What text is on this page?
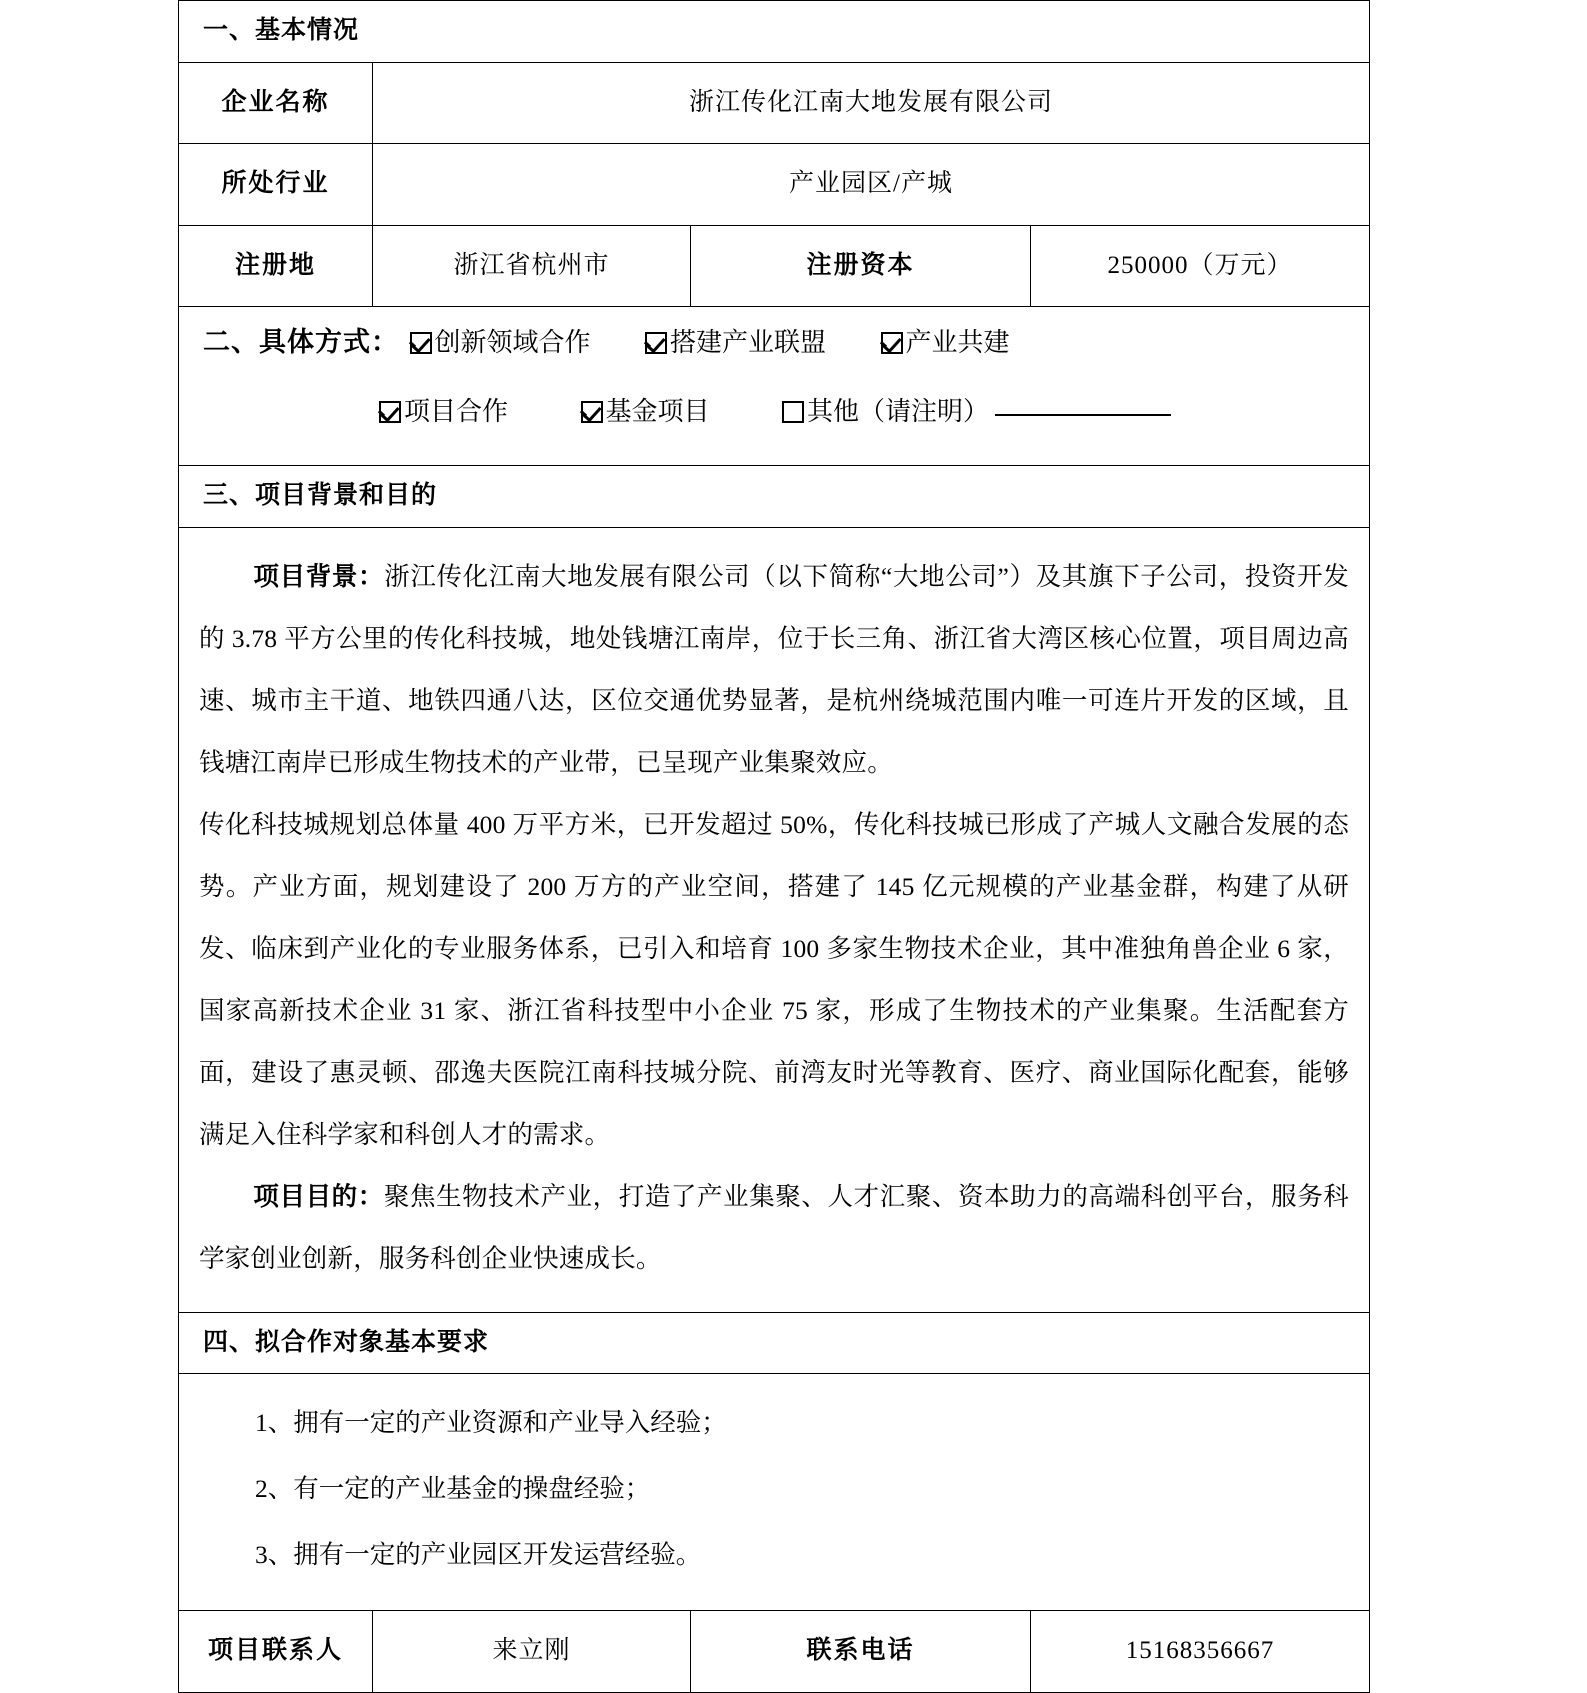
一、基本情况			
企业名称	浙江传化江南大地发展有限公司		
所处行业	产业园区/产城		
注册地	浙江省杭州市	注册资本	250000（万元）

二、具体方式： 创新领域合作 搭建产业联盟 产业共建
项目合作 基金项目 其他（请注明）			

三、项目背景和目的			

项目背景：浙江传化江南大地发展有限公司（以下简称“大地公司”）及其旗下子公司，投资开发的 3.78 平方公里的传化科技城，地处钱塘江南岸，位于长三角、浙江省大湾区核心位置，项目周边高速、城市主干道、地铁四通八达，区位交通优势显著，是杭州绕城范围内唯一可连片开发的区域，且钱塘江南岸已形成生物技术的产业带，已呈现产业集聚效应。

传化科技城规划总体量 400 万平方米，已开发超过 50%，传化科技城已形成了产城人文融合发展的态势。产业方面，规划建设了 200 万方的产业空间，搭建了 145 亿元规模的产业基金群，构建了从研发、临床到产业化的专业服务体系，已引入和培育 100 多家生物技术企业，其中准独角兽企业 6 家，国家高新技术企业 31 家、浙江省科技型中小企业 75 家，形成了生物技术的产业集聚。生活配套方面，建设了惠灵顿、邵逸夫医院江南科技城分院、前湾友时光等教育、医疗、商业国际化配套，能够满足入住科学家和科创人才的需求。

项目目的：聚焦生物技术产业，打造了产业集聚、人才汇聚、资本助力的高端科创平台，服务科学家创业创新，服务科创企业快速成长。			

四、拟合作对象基本要求			

1、拥有一定的产业资源和产业导入经验；
2、有一定的产业基金的操盘经验；
3、拥有一定的产业园区开发运营经验。			

项目联系人	来立刚	联系电话	15168356667
